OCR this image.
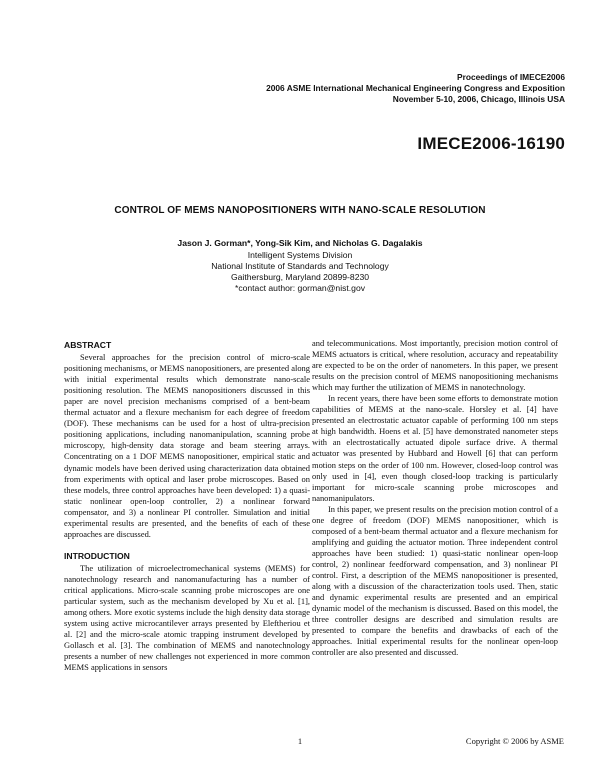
Proceedings of IMECE2006
2006 ASME International Mechanical Engineering Congress and Exposition
November 5-10, 2006, Chicago, Illinois USA
IMECE2006-16190
CONTROL OF MEMS NANOPOSITIONERS WITH NANO-SCALE RESOLUTION
Jason J. Gorman*, Yong-Sik Kim, and Nicholas G. Dagalakis
Intelligent Systems Division
National Institute of Standards and Technology
Gaithersburg, Maryland 20899-8230
*contact author: gorman@nist.gov
ABSTRACT

Several approaches for the precision control of micro-scale positioning mechanisms, or MEMS nanopositioners, are presented along with initial experimental results which demonstrate nano-scale positioning resolution. The MEMS nanopositioners discussed in this paper are novel precision mechanisms comprised of a bent-beam thermal actuator and a flexure mechanism for each degree of freedom (DOF). These mechanisms can be used for a host of ultra-precision positioning applications, including nanomanipulation, scanning probe microscopy, high-density data storage and beam steering arrays. Concentrating on a 1 DOF MEMS nanopositioner, empirical static and dynamic models have been derived using characterization data obtained from experiments with optical and laser probe microscopes. Based on these models, three control approaches have been developed: 1) a quasi-static nonlinear open-loop controller, 2) a nonlinear forward compensator, and 3) a nonlinear PI controller. Simulation and initial experimental results are presented, and the benefits of each of these approaches are discussed.

INTRODUCTION

The utilization of microelectromechanical systems (MEMS) for nanotechnology research and nanomanufacturing has a number of critical applications. Micro-scale scanning probe microscopes are one particular system, such as the mechanism developed by Xu et al. [1], among others. More exotic systems include the high density data storage system using active microcantilever arrays presented by Eleftheriou et al. [2] and the micro-scale atomic trapping instrument developed by Gollasch et al. [3]. The combination of MEMS and nanotechnology presents a number of new challenges not experienced in more common MEMS applications in sensors

and telecommunications. Most importantly, precision motion control of MEMS actuators is critical, where resolution, accuracy and repeatability are expected to be on the order of nanometers. In this paper, we present results on the precision control of MEMS nanopositioning mechanisms which may further the utilization of MEMS in nanotechnology.

In recent years, there have been some efforts to demonstrate motion capabilities of MEMS at the nano-scale. Horsley et al. [4] have presented an electrostatic actuator capable of performing 100 nm steps at high bandwidth. Hoens et al. [5] have demonstrated nanometer steps with an electrostatically actuated dipole surface drive. A thermal actuator was presented by Hubbard and Howell [6] that can perform motion steps on the order of 100 nm. However, closed-loop control was only used in [4], even though closed-loop tracking is particularly important for micro-scale scanning probe microscopes and nanomanipulators.

In this paper, we present results on the precision motion control of a one degree of freedom (DOF) MEMS nanopositioner, which is composed of a bent-beam thermal actuator and a flexure mechanism for amplifying and guiding the actuator motion. Three independent control approaches have been studied: 1) quasi-static nonlinear open-loop control, 2) nonlinear feedforward compensation, and 3) nonlinear PI control. First, a description of the MEMS nanopositioner is presented, along with a discussion of the characterization tools used. Then, static and dynamic experimental results are presented and an empirical dynamic model of the mechanism is discussed. Based on this model, the three controller designs are described and simulation results are presented to compare the benefits and drawbacks of each of the approaches. Initial experimental results for the nonlinear open-loop controller are also presented and discussed.

1	Copyright © 2006 by ASME
